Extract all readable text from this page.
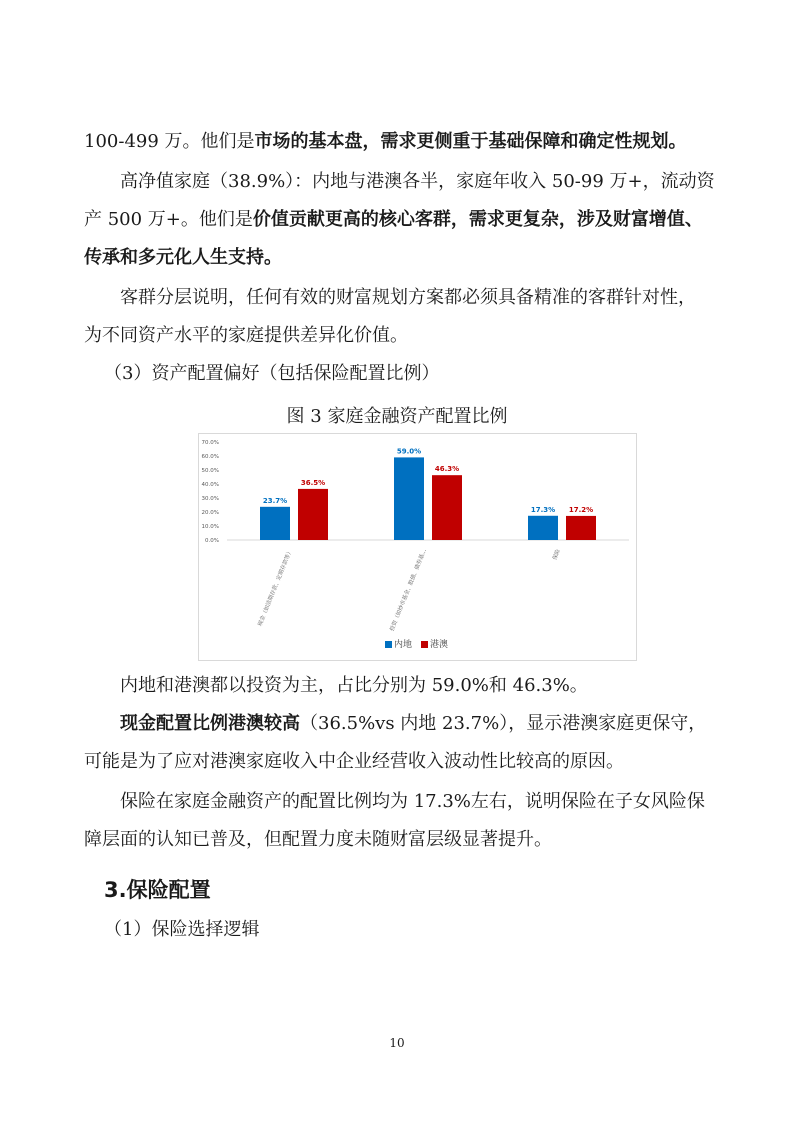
100-499 万。他们是市场的基本盘，需求更侧重于基础保障和确定性规划。
高净值家庭（38.9%）：内地与港澳各半，家庭年收入 50-99 万+，流动资
产 500 万+。他们是价值贡献更高的核心客群，需求更复杂，涉及财富增值、
传承和多元化人生支持。
客群分层说明，任何有效的财富规划方案都必须具备精准的客群针对性，
为不同资产水平的家庭提供差异化价值。
（3）资产配置偏好（包括保险配置比例）
图 3 家庭金融资产配置比例
0.0%
10.0%
20.0%
30.0%
40.0%
50.0%
60.0%
70.0%
23.7%
36.5%
现金（如活期存款、定期存款等）
59.0%
46.3%
投资（如炒市基金、股债、债券基...
17.3% 17.2%
保险
内地 港澳
内地和港澳都以投资为主，占比分别为 59.0%和 46.3%。
现金配置比例港澳较高（36.5%vs 内地 23.7%），显示港澳家庭更保守，
可能是为了应对港澳家庭收入中企业经营收入波动性比较高的原因。
保险在家庭金融资产的配置比例均为 17.3%左右，说明保险在子女风险保
障层面的认知已普及，但配置力度未随财富层级显著提升。
3.保险配置
（1）保险选择逻辑
10
